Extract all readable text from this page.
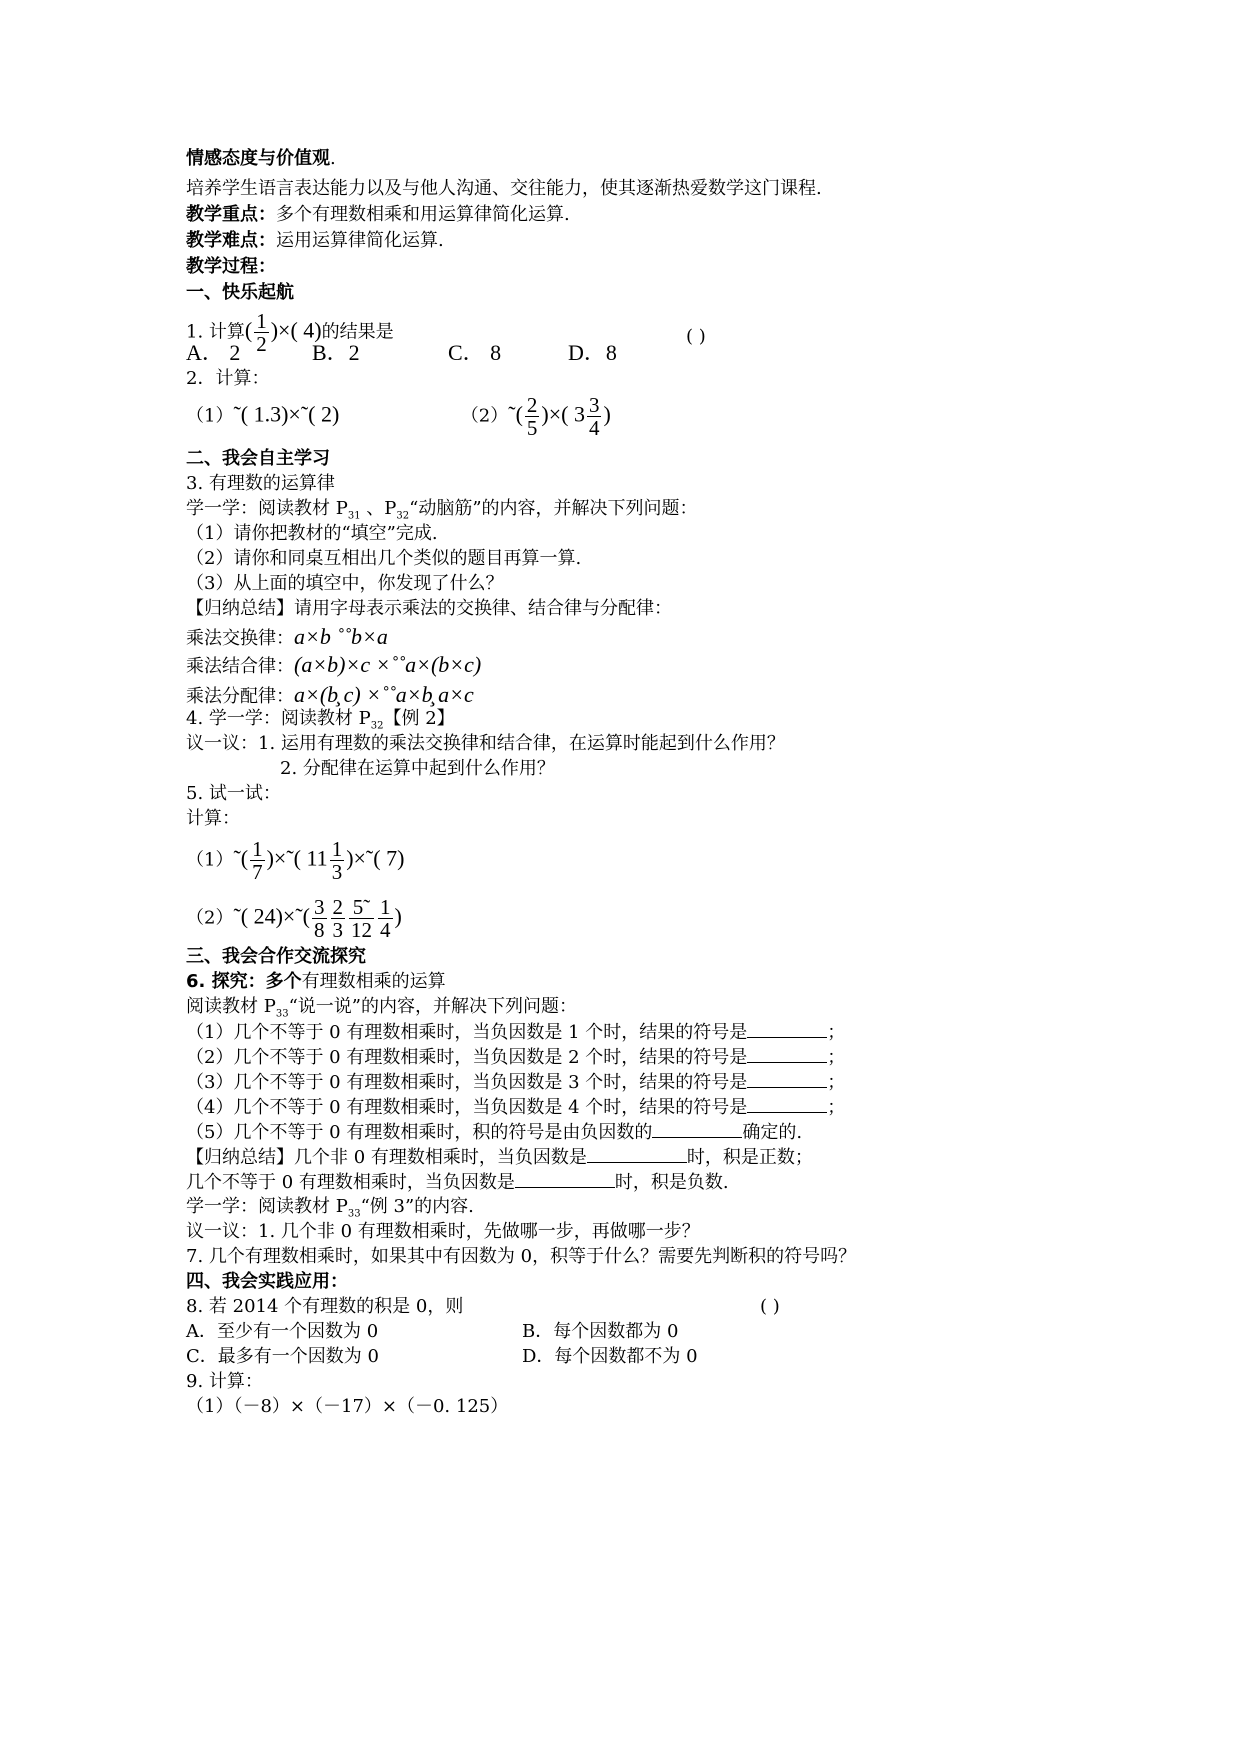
情感态度与价值观.
培养学生语言表达能力以及与他人沟通、交往能力，使其逐渐热爱数学这门课程.
教学重点：多个有理数相乘和用运算律简化运算.
教学难点：运用运算律简化运算.
教学过程：
一、快乐起航
1. 计算( $\frac{1}{2}$ )×( 4)的结果是	( )
A． 2	B．2	C． 8	D．8
2．计算：
（1）˜( 1.3)×˜( 2)	（2）˜( $\frac{2}{5}$ )×( $3 \frac{3}{4}$ )
二、我会自主学习
3. 有理数的运算律
学一学：阅读教材 $P_{31}$ 、$P_{32}“$动脑筋”的内容，并解决下列问题：
（1）请你把教材的“填空”完成.
（2）请你和同桌互相出几个类似的题目再算一算.
（3）从上面的填空中，你发现了什么？
【归纳总结】请用字母表示乘法的交换律、结合律与分配律：
乘法交换律：a×b ˚˚b×a
乘法结合律：(a×b)×c ×˚˚a×(b×c)
乘法分配律：a×(b̧ c) ×˚˚a×b̧ a×c
4. 学一学：阅读教材 $P_{32}$【例 2】
议一议：1. 运用有理数的乘法交换律和结合律，在运算时能起到什么作用？
2. 分配律在运算中起到什么作用？
5. 试一试：
计算：
（1）˜( $\frac{1}{7}$ )×˜( $11 \frac{1}{3}$ )×˜( 7)
（2）˜( 24)×˜( $\frac{3}{8} \frac{2}{3} \frac{5˜}{12} \frac{1}{4}$ )
三、我会合作交流探究
6. 探究：多个有理数相乘的运算
阅读教材 $P_{33}“$说一说”的内容，并解决下列问题：
（1）几个不等于 0 有理数相乘时，当负因数是 1 个时，结果的符号是	；
（2）几个不等于 0 有理数相乘时，当负因数是 2 个时，结果的符号是	；
（3）几个不等于 0 有理数相乘时，当负因数是 3 个时，结果的符号是	；
（4）几个不等于 0 有理数相乘时，当负因数是 4 个时，结果的符号是	；
（5）几个不等于 0 有理数相乘时，积的符号是由负因数的	确定的.
【归纳总结】几个非 0 有理数相乘时，当负因数是	时，积是正数；
几个不等于 0 有理数相乘时，当负因数是	时，积是负数.
学一学：阅读教材 $P_{33}“$例 3”的内容.
议一议：1. 几个非 0 有理数相乘时，先做哪一步，再做哪一步？
7. 几个有理数相乘时，如果其中有因数为 0，积等于什么？需要先判断积的符号吗？
四、我会实践应用：
8. 若 2014 个有理数的积是 0，则	( )
A．至少有一个因数为 0	B．每个因数都为 0
C．最多有一个因数为 0	D．每个因数都不为 0
9. 计算：
（1）（－8）×（－17）×（－0. 125）
